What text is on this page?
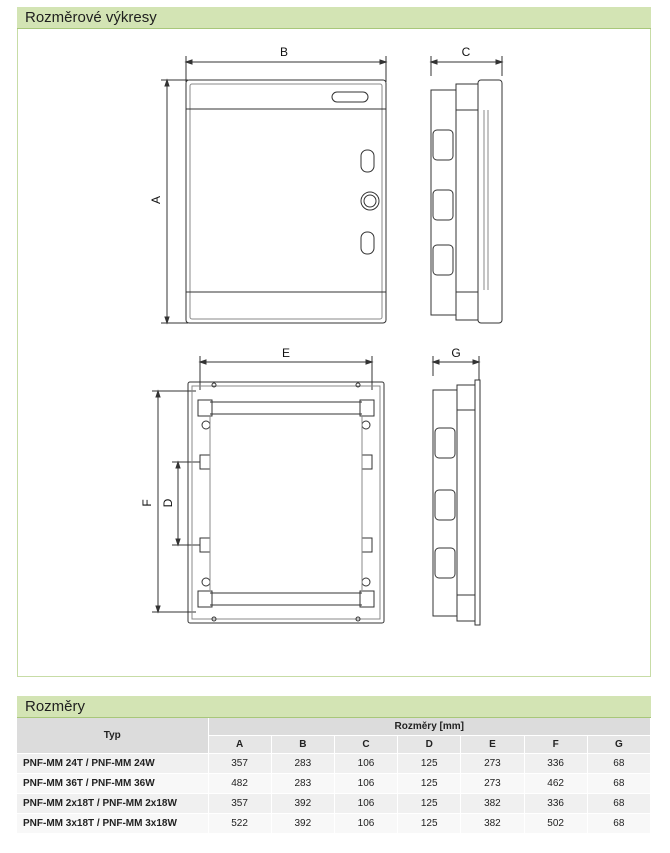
Rozměrové výkresy
B
A
C
E
F D
G
Rozměry
Typ	Rozměry [mm]						
	A	B	C	D	E	F	G
PNF-MM 24T / PNF-MM 24W	357	283	106	125	273	336	68
PNF-MM 36T / PNF-MM 36W	482	283	106	125	273	462	68
PNF-MM 2x18T / PNF-MM 2x18W	357	392	106	125	382	336	68
PNF-MM 3x18T / PNF-MM 3x18W	522	392	106	125	382	502	68
